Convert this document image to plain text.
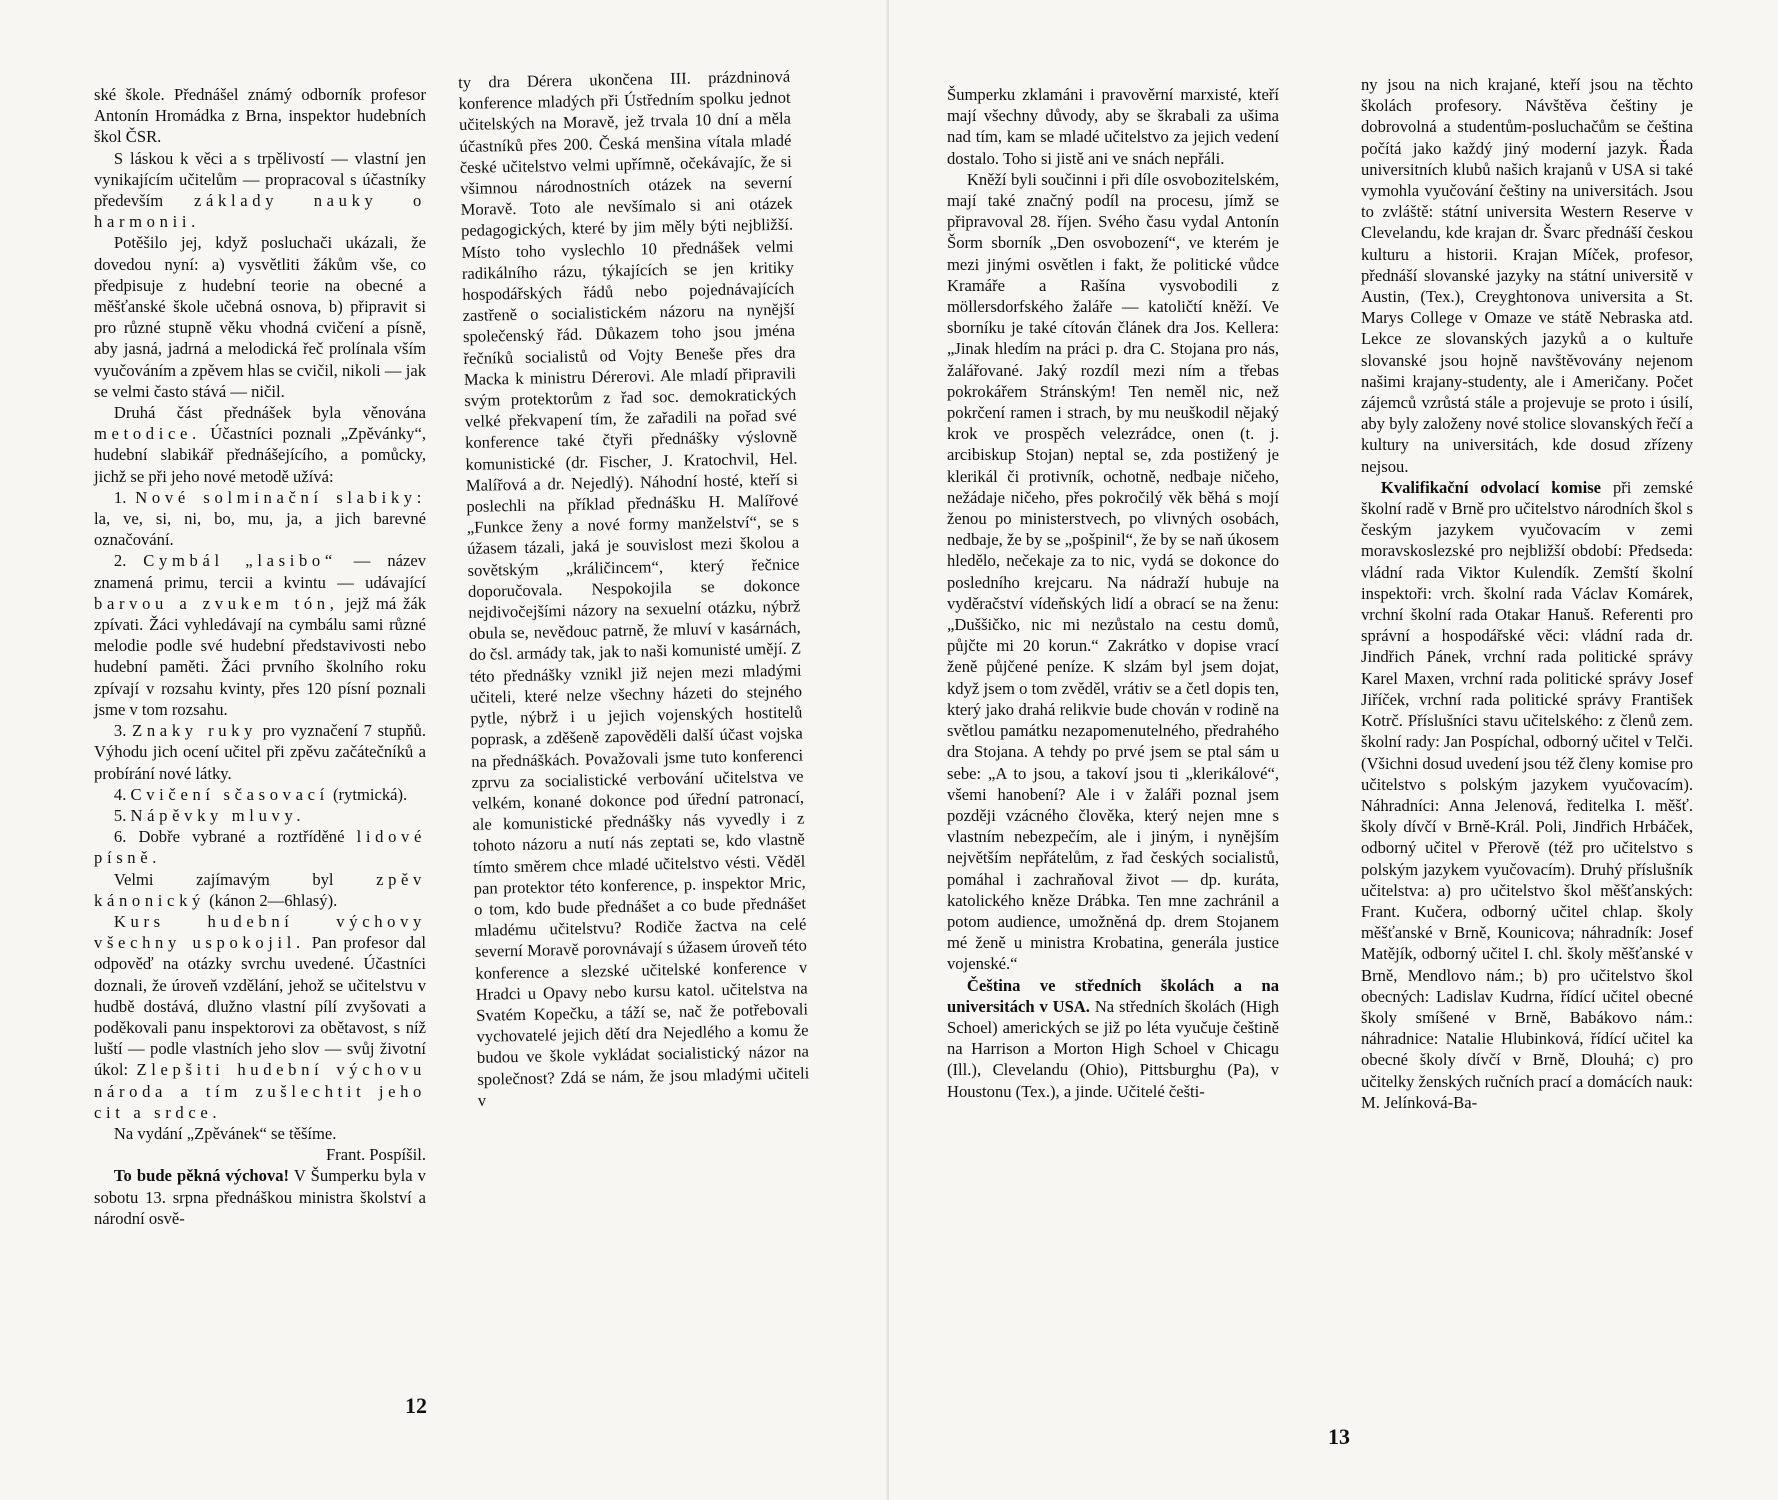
ské škole. Přednášel známý odborník profesor Antonín Hromádka z Brna, inspektor hudebních škol ČSR.

S láskou k věci a s trpělivostí — vlastní jen vynikajícím učitelům — propracoval s účastníky především základy nauky o harmonii.

Potěšilo jej, když posluchači ukázali, že dovedou nyní: a) vysvětliti žákům vše, co předpisuje z hudební teorie na obecné a měšťanské škole učebná osnova, b) připravit si pro různé stupně věku vhodná cvičení a písně, aby jasná, jadrná a melodická řeč prolínala vším vyučováním a zpěvem hlas se cvičil, nikoli — jak se velmi často stává — ničil.

Druhá část přednášek byla věnována metodice. Účastníci poznali „Zpěvánky“, hudební slabikář přednášejícího, a pomůcky, jichž se při jeho nové metodě užívá:

1. Nové solminační slabiky: la, ve, si, ni, bo, mu, ja, a jich barevné označování.

2. Cymbál „lasibo“ — název znamená primu, tercii a kvintu — udávající barvou a zvukem tón, jejž má žák zpívati. Žáci vyhledávají na cymbálu sami různé melodie podle své hudební představivosti nebo hudební paměti. Žáci prvního školního roku zpívají v rozsahu kvinty, přes 120 písní poznali jsme v tom rozsahu.

3. Znaky ruky pro vyznačení 7 stupňů. Výhodu jich ocení učitel při zpěvu začátečníků a probírání nové látky.

4. Cvičení sčasovací (rytmická).

5. Nápěvky mluvy.

6. Dobře vybrané a roztříděné lidové písně.

Velmi zajímavým byl	zpěv kánonický (kánon 2—6hlasý).

Kurs hudební výchovy všechny uspokojil. Pan profesor dal odpověď na otázky svrchu uvedené. Účastníci doznali, že úroveň vzdělání, jehož se učitelstvu v hudbě dostává, dlužno vlastní pílí zvyšovati a poděkovali panu inspektorovi za obětavost, s níž luští — podle vlastních jeho slov — svůj životní úkol: Zlepšiti hudební výchovu národa a tím zušlechtit jeho cit a srdce.

Na vydání „Zpěvánek“ se těšíme.

Frant. Pospíšil.

To bude pěkná výchova! V Šumperku byla v sobotu 13. srpna přednáškou ministra školství a národní osvě-

ty dra Dérera ukončena III. prázdninová konference mladých při Ústředním spolku jednot učitelských na Moravě, jež trvala 10 dní a měla účastníků přes 200. Česká menšina vítala mladé české učitelstvo velmi upřímně, očekávajíc, že si všimnou národnostních otázek na severní Moravě. Toto ale nevšímalo si ani otázek pedagogických, které by jim měly býti nejbližší. Místo toho vyslechlo 10 přednášek velmi radikálního rázu, týkajících se jen kritiky hospodářských řádů nebo pojednávajících zastřeně o socialistickém názoru na nynější společenský řád. Důkazem toho jsou jména řečníků socialistů od Vojty Beneše přes dra Macka k ministru Dérerovi. Ale mladí připravili svým protektorům z řad soc. demokratických velké překvapení tím, že zařadili na pořad své konference také čtyři přednášky výslovně komunistické (dr. Fischer, J. Kratochvil, Hel. Malířová a dr. Nejedlý). Náhodní hosté, kteří si poslechli na příklad přednášku H. Malířové „Funkce ženy a nové formy manželství“, se s úžasem tázali, jaká je souvislost mezi školou a sovětským „králičincem“, který řečnice doporučovala. Nespokojila se dokonce nejdivočejšími názory na sexuelní otázku, nýbrž obula se, nevědouc patrně, že mluví v kasárnách, do čsl. armády tak, jak to naši komunisté umějí. Z této přednášky vznikl již nejen mezi mladými učiteli, které nelze všechny házeti do stejného pytle, nýbrž i u jejich vojenských hostitelů poprask, a zděšeně zapověděli další účast vojska na přednáškách. Považovali jsme tuto konferenci zprvu za socialistické verbování učitelstva ve velkém, konané dokonce pod úřední patronací, ale komunistické přednášky nás vyvedly i z tohoto názoru a nutí nás zeptati se, kdo vlastně tímto směrem chce mladé učitelstvo vésti. Věděl pan protektor této konference, p. inspektor Mric, o tom, kdo bude přednášet a co bude přednášet mladému učitelstvu? Rodiče žactva na celé severní Moravě porovnávají s úžasem úroveň této konference a slezské učitelské konferencе v Hradci u Opavy nebo kursu katol. učitelstva na Svatém Kopečku, a táží se, nač že potřebovali vychovatelé jejich dětí dra Nejedlého a komu že budou ve škole vykládat socialistický názor na společnost? Zdá se nám, že jsou mladými učiteli v

12

Šumperku zklamáni i pravověrní marxisté, kteří mají všechny důvody, aby se škrabali za ušima nad tím, kam se mladé učitelstvo za jejich vedení dostalo. Toho si jistě ani ve snách nepřáli.

Kněží byli součinni i při díle osvobozitelském, mají také značný podíl na procesu, jímž se připravoval 28. říjen. Svého času vydal Antonín Šorm sborník „Den osvobození“, ve kterém je mezi jinými osvětlen i fakt, že politické vůdce Kramáře a Rašína vysvobodili z möllersdorfského žaláře — katoličtí kněží. Ve sborníku je také cítován článek dra Jos. Kellera: „Jinak hledím na práci p. dra C. Stojana pro nás, žalářované. Jaký rozdíl mezi ním a třebas pokrokářem Stránským! Ten neměl nic, než pokrčení ramen i strach, by mu neuškodil nějaký krok ve prospěch velezrádce, onen (t. j. arcibiskup Stojan) neptal se, zda postižený je klerikál či protivník, ochotně, nedbaje ničeho, nežádaje ničeho, přes pokročilý věk běhá s mojí ženou po ministerstvech, po vlivných osobách, nedbaje, že by se „pošpinil“, že by se naň úkosem hledělo, nečekaje za to nic, vydá se dokonce do posledního krejcaru. Na nádraží hubuje na vyděračství vídeňských lidí a obrací se na ženu: „Duššičko, nic mi nezůstalo na cestu domů, půjčte mi 20 korun.“ Zakrátko v dopise vrací ženě půjčené peníze. K slzám byl jsem dojat, když jsem o tom zvěděl, vrátiv se a četl dopis ten, který jako drahá relikvie bude chován v rodině na světlou památku nezapomenutelného, předrahého dra Stojana. A tehdy po prvé jsem se ptal sám u sebe: „A to jsou, a takoví jsou ti „klerikálové“, všemi hanobení? Ale i v žaláři poznal jsem později vzácného člověka, který nejen mne s vlastním nebezpečím, ale i jiným, i nynějším největším nepřátelům, z řad českých socialistů, pomáhal i zachraňoval život — dp. kuráta, katolického kněze Drábka. Ten mne zachránil a potom audience, umožněná dp. drem Stojanem mé ženě u ministra Krobatina, generála justice vojenské.“

Čeština ve středních školách a na universitách v USA. Na středních školách (High Schoel) amerických se již po léta vyučuje češtině na Harrison a Morton High Schoel v Chicagu (Ill.), Clevelandu (Ohio), Pittsburghu (Pa), v Houstonu (Tex.), a jinde. Učitelé češti-

ny jsou na nich krajané, kteří jsou na těchto školách profesory. Návštěva češtiny je dobrovolná a studentům-posluchačům se čeština počítá jako každý jiný moderní jazyk. Řada universitních klubů našich krajanů v USA si také vymohla vyučování češtiny na universitách. Jsou to zvláště: státní universita Western Reserve v Clevelandu, kde krajan dr. Švarc přednáší českou kulturu a historii. Krajan Míček, profesor, přednáší slovanské jazyky na státní universitě v Austin, (Tex.), Creyghtonova universita a St. Marys College v Omaze ve státě Nebraska atd. Lekce ze slovanských jazyků a o kultuře slovanské jsou hojně navštěvovány nejenom našimi krajany-studenty, ale i Američany. Počet zájemců vzrůstá stále a projevuje se proto i úsilí, aby byly založeny nové stolice slovanských řečí a kultury na universitách, kde dosud zřízeny nejsou.

Kvalifikační odvolací komise při zemské školní radě v Brně pro učitelstvo národních škol s českým jazykem vyučovacím v zemi moravskoslezské pro nejbližší období: Předseda: vládní rada Viktor Kulendík. Zemští školní inspektoři: vrch. školní rada Václav Komárek, vrchní školní rada Otakar Hanuš. Referenti pro správní a hospodářské věci: vládní rada dr. Jindřich Pánek, vrchní rada politické správy Karel Maxen, vrchní rada politické správy Josef Jiříček, vrchní rada politické správy František Kotrč. Příslušníci stavu učitelského: z členů zem. školní rady: Jan Pospíchal, odborný učitel v Telči. (Všichni dosud uvedení jsou též členy komise pro učitelstvo s polským jazykem vyučovacím). Náhradníci: Anna Jelenová, ředitelka I. měšť. školy dívčí v Brně-Král. Poli, Jindřich Hrbáček, odborný učitel v Přerově (též pro učitelstvo s polským jazykem vyučovacím). Druhý příslušník učitelstva: a) pro učitelstvo škol měšťanských: Frant. Kučera, odborný učitel chlap. školy měšťanské v Brně, Kounicova; náhradník: Josef Matějík, odborný učitel I. chl. školy měšťanské v Brně, Mendlovo nám.; b) pro učitelstvo škol obecných: Ladislav Kudrna, řídící učitel obecné školy smíšené v Brně, Babákovo nám.: náhradnice: Natalie Hlubinková, řídící učitel ka obecné školy dívčí v Brně, Dlouhá; c) pro učitelky ženských ručních prací a domácích nauk: M. Jelínková-Ba-

13
